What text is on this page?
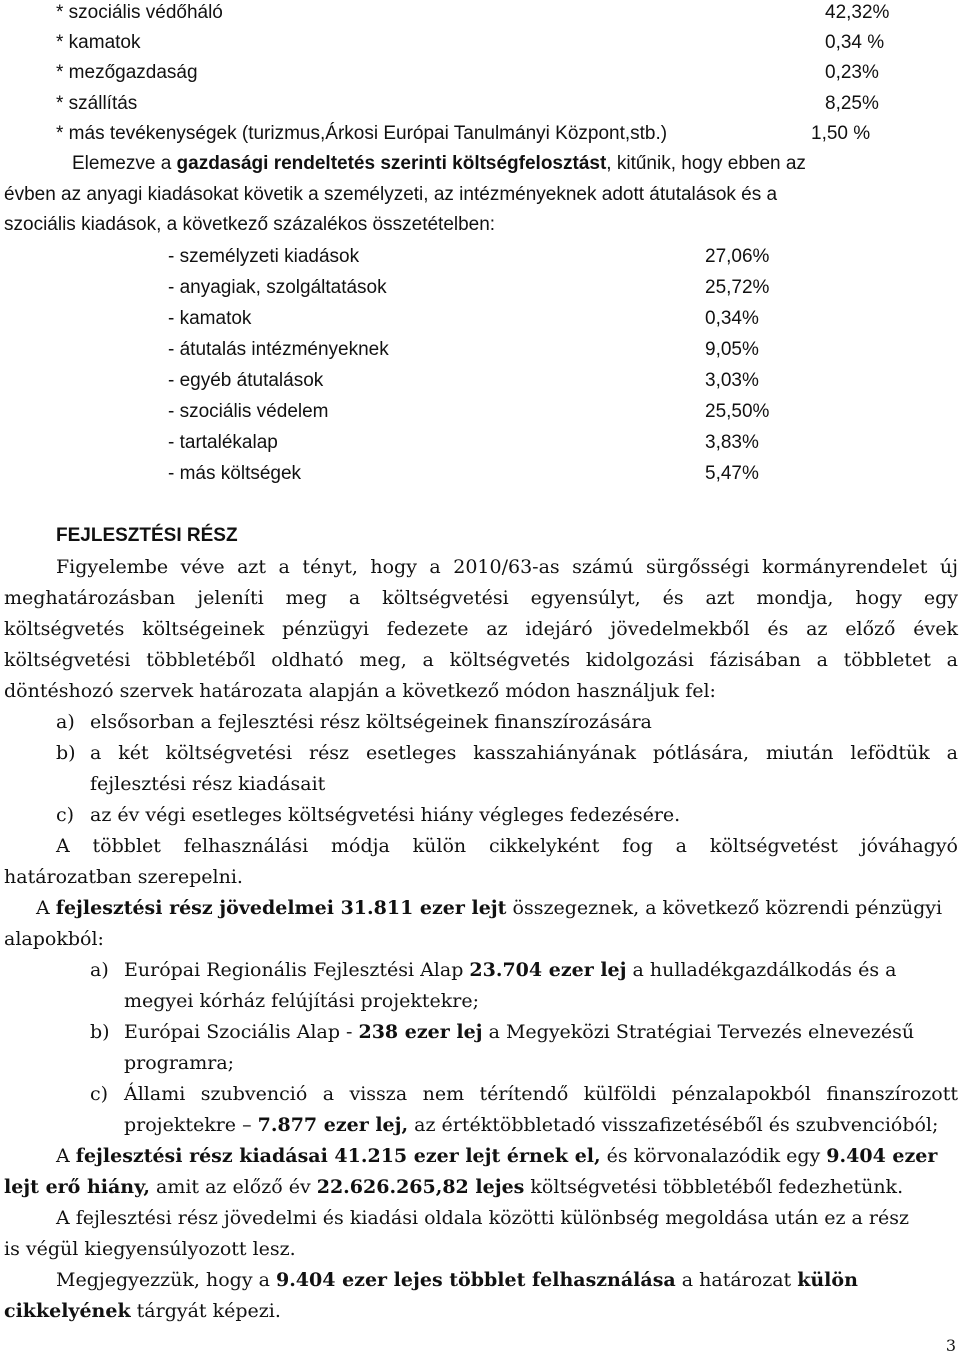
* szociális védőháló	42,32%
* kamatok	0,34 %
* mezőgazdaság	0,23%
* szállítás	8,25%
* más tevékenységek (turizmus,Árkosi Európai Tanulmányi Központ,stb.)	1,50 %
Elemezve a gazdasági rendeltetés szerinti költségfelosztást, kitűnik, hogy ebben az
évben az anyagi kiadásokat követik a személyzeti, az intézményeknek adott átutalások és a
szociális kiadások, a következő százalékos összetételben:
- személyzeti kiadások	27,06%
- anyagiak, szolgáltatások	25,72%
- kamatok	0,34%
- átutalás intézményeknek	9,05%
- egyéb átutalások	3,03%
- szociális védelem	25,50%
- tartalékalap	3,83%
- más költségek	5,47%
FEJLESZTÉSI RÉSZ
Figyelembe véve azt a tényt, hogy a 2010/63-as számú sürgősségi kormányrendelet új
meghatározásban jeleníti meg a költségvetési egyensúlyt, és azt mondja, hogy egy
költségvetés költségeinek pénzügyi fedezete az idejáró jövedelmekből és az előző évek
költségvetési többletéből oldható meg, a költségvetés kidolgozási fázisában a többletet a
döntéshozó szervek határozata alapján a következő módon használjuk fel:
a) elsősorban a fejlesztési rész költségeinek finanszírozására
b) a két költségvetési rész esetleges kasszahiányának pótlására, miután lefödtük a
fejlesztési rész kiadásait
c) az év végi esetleges költségvetési hiány végleges fedezésére.
A többlet felhasználási módja külön cikkelyként fog a költségvetést jóváhagyó
határozatban szerepelni.
A fejlesztési rész jövedelmei 31.811 ezer lejt összegeznek, a következő közrendi pénzügyi
alapokból:
a) Európai Regionális Fejlesztési Alap 23.704 ezer lej a hulladékgazdálkodás és a
megyei kórház felújítási projektekre;
b) Európai Szociális Alap - 238 ezer lej a Megyeközi Stratégiai Tervezés elnevezésű
programra;
c) Állami szubvenció a vissza nem térítendő külföldi pénzalapokból finanszírozott
projektekre – 7.877 ezer lej, az értéktöbbletadó visszafizetéséből és szubvencióból;
A fejlesztési rész kiadásai 41.215 ezer lejt érnek el, és körvonalazódik egy 9.404 ezer
lejt erő hiány, amit az előző év 22.626.265,82 lejes költségvetési többletéből fedezhetünk.
A fejlesztési rész jövedelmi és kiadási oldala közötti különbség megoldása után ez a rész
is végül kiegyensúlyozott lesz.
Megjegyezzük, hogy a 9.404 ezer lejes többlet felhasználása a határozat külön
cikkelyének tárgyát képezi.
3
